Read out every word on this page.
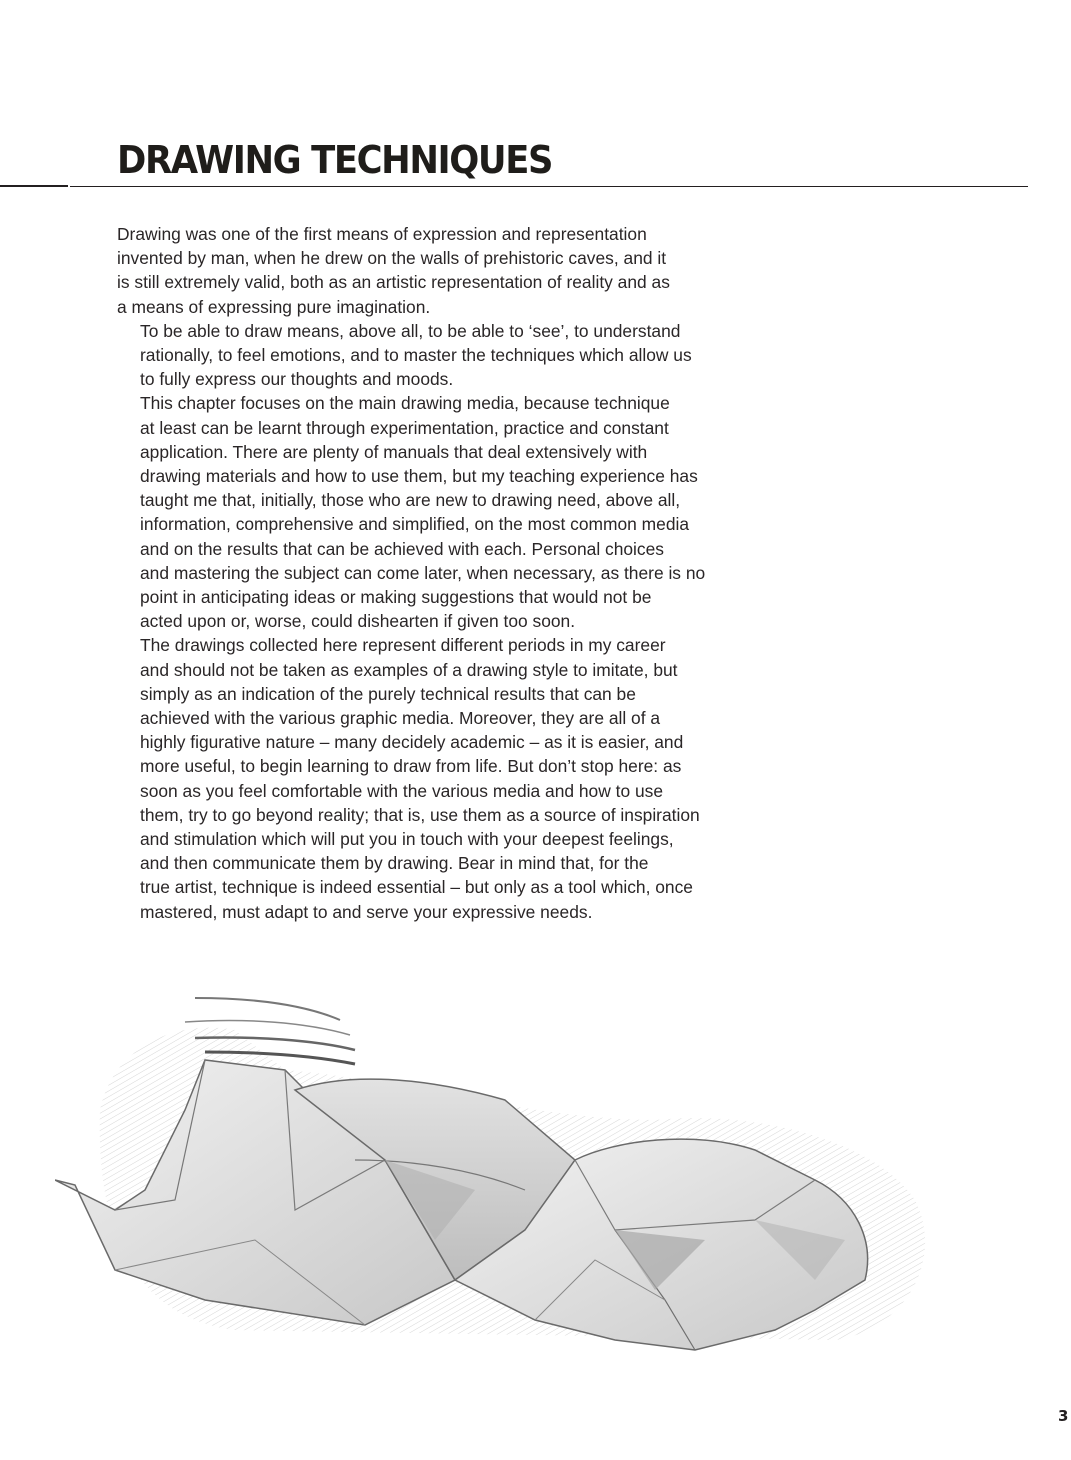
DRAWING TECHNIQUES

Drawing was one of the first means of expression and representation
invented by man, when he drew on the walls of prehistoric caves, and it
is still extremely valid, both as an artistic representation of reality and as
a means of expressing pure imagination.

To be able to draw means, above all, to be able to ‘see’, to understand
rationally, to feel emotions, and to master the techniques which allow us
to fully express our thoughts and moods.

This chapter focuses on the main drawing media, because technique
at least can be learnt through experimentation, practice and constant
application. There are plenty of manuals that deal extensively with
drawing materials and how to use them, but my teaching experience has
taught me that, initially, those who are new to drawing need, above all,
information, comprehensive and simplified, on the most common media
and on the results that can be achieved with each. Personal choices
and mastering the subject can come later, when necessary, as there is no
point in anticipating ideas or making suggestions that would not be
acted upon or, worse, could dishearten if given too soon.

The drawings collected here represent different periods in my career
and should not be taken as examples of a drawing style to imitate, but
simply as an indication of the purely technical results that can be
achieved with the various graphic media. Moreover, they are all of a
highly figurative nature – many decidely academic – as it is easier, and
more useful, to begin learning to draw from life. But don’t stop here: as
soon as you feel comfortable with the various media and how to use
them, try to go beyond reality; that is, use them as a source of inspiration
and stimulation which will put you in touch with your deepest feelings,
and then communicate them by drawing. Bear in mind that, for the
true artist, technique is indeed essential – but only as a tool which, once
mastered, must adapt to and serve your expressive needs.

3
